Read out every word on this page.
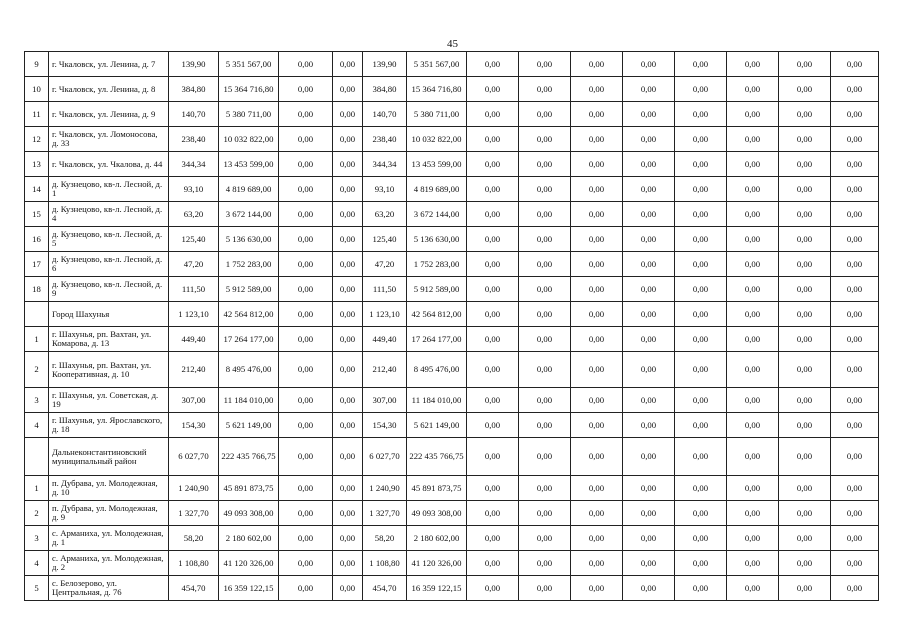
45
9	г. Чкаловск, ул. Ленина, д. 7	139,90	5 351 567,00	0,00	0,00	139,90	5 351 567,00	0,00	0,00	0,00	0,00	0,00	0,00	0,00	0,00
10	г. Чкаловск, ул. Ленина, д. 8	384,80	15 364 716,80	0,00	0,00	384,80	15 364 716,80	0,00	0,00	0,00	0,00	0,00	0,00	0,00	0,00
11	г. Чкаловск, ул. Ленина, д. 9	140,70	5 380 711,00	0,00	0,00	140,70	5 380 711,00	0,00	0,00	0,00	0,00	0,00	0,00	0,00	0,00
12	г. Чкаловск, ул. Ломоносова, д. 33	238,40	10 032 822,00	0,00	0,00	238,40	10 032 822,00	0,00	0,00	0,00	0,00	0,00	0,00	0,00	0,00
13	г. Чкаловск, ул. Чкалова, д. 44	344,34	13 453 599,00	0,00	0,00	344,34	13 453 599,00	0,00	0,00	0,00	0,00	0,00	0,00	0,00	0,00
14	д. Кузнецово, кв-л. Лесной, д. 1	93,10	4 819 689,00	0,00	0,00	93,10	4 819 689,00	0,00	0,00	0,00	0,00	0,00	0,00	0,00	0,00
15	д. Кузнецово, кв-л. Лесной, д. 4	63,20	3 672 144,00	0,00	0,00	63,20	3 672 144,00	0,00	0,00	0,00	0,00	0,00	0,00	0,00	0,00
16	д. Кузнецово, кв-л. Лесной, д. 5	125,40	5 136 630,00	0,00	0,00	125,40	5 136 630,00	0,00	0,00	0,00	0,00	0,00	0,00	0,00	0,00
17	д. Кузнецово, кв-л. Лесной, д. 6	47,20	1 752 283,00	0,00	0,00	47,20	1 752 283,00	0,00	0,00	0,00	0,00	0,00	0,00	0,00	0,00
18	д. Кузнецово, кв-л. Лесной, д. 9	111,50	5 912 589,00	0,00	0,00	111,50	5 912 589,00	0,00	0,00	0,00	0,00	0,00	0,00	0,00	0,00
	Город Шахунья	1 123,10	42 564 812,00	0,00	0,00	1 123,10	42 564 812,00	0,00	0,00	0,00	0,00	0,00	0,00	0,00	0,00
1	г. Шахунья, рп. Вахтан, ул. Комарова, д. 13	449,40	17 264 177,00	0,00	0,00	449,40	17 264 177,00	0,00	0,00	0,00	0,00	0,00	0,00	0,00	0,00
2	г. Шахунья, рп. Вахтан, ул. Кооперативная, д. 10	212,40	8 495 476,00	0,00	0,00	212,40	8 495 476,00	0,00	0,00	0,00	0,00	0,00	0,00	0,00	0,00
3	г. Шахунья, ул. Советская, д. 19	307,00	11 184 010,00	0,00	0,00	307,00	11 184 010,00	0,00	0,00	0,00	0,00	0,00	0,00	0,00	0,00
4	г. Шахунья, ул. Ярославского, д. 18	154,30	5 621 149,00	0,00	0,00	154,30	5 621 149,00	0,00	0,00	0,00	0,00	0,00	0,00	0,00	0,00
	Дальнеконстантиновский муниципальный район	6 027,70	222 435 766,75	0,00	0,00	6 027,70	222 435 766,75	0,00	0,00	0,00	0,00	0,00	0,00	0,00	0,00
1	п. Дубрава, ул. Молодежная, д. 10	1 240,90	45 891 873,75	0,00	0,00	1 240,90	45 891 873,75	0,00	0,00	0,00	0,00	0,00	0,00	0,00	0,00
2	п. Дубрава, ул. Молодежная, д. 9	1 327,70	49 093 308,00	0,00	0,00	1 327,70	49 093 308,00	0,00	0,00	0,00	0,00	0,00	0,00	0,00	0,00
3	с. Арманиха, ул. Молодежная, д. 1	58,20	2 180 602,00	0,00	0,00	58,20	2 180 602,00	0,00	0,00	0,00	0,00	0,00	0,00	0,00	0,00
4	с. Арманиха, ул. Молодежная, д. 2	1 108,80	41 120 326,00	0,00	0,00	1 108,80	41 120 326,00	0,00	0,00	0,00	0,00	0,00	0,00	0,00	0,00
5	с. Белозерово, ул. Центральная, д. 76	454,70	16 359 122,15	0,00	0,00	454,70	16 359 122,15	0,00	0,00	0,00	0,00	0,00	0,00	0,00	0,00
